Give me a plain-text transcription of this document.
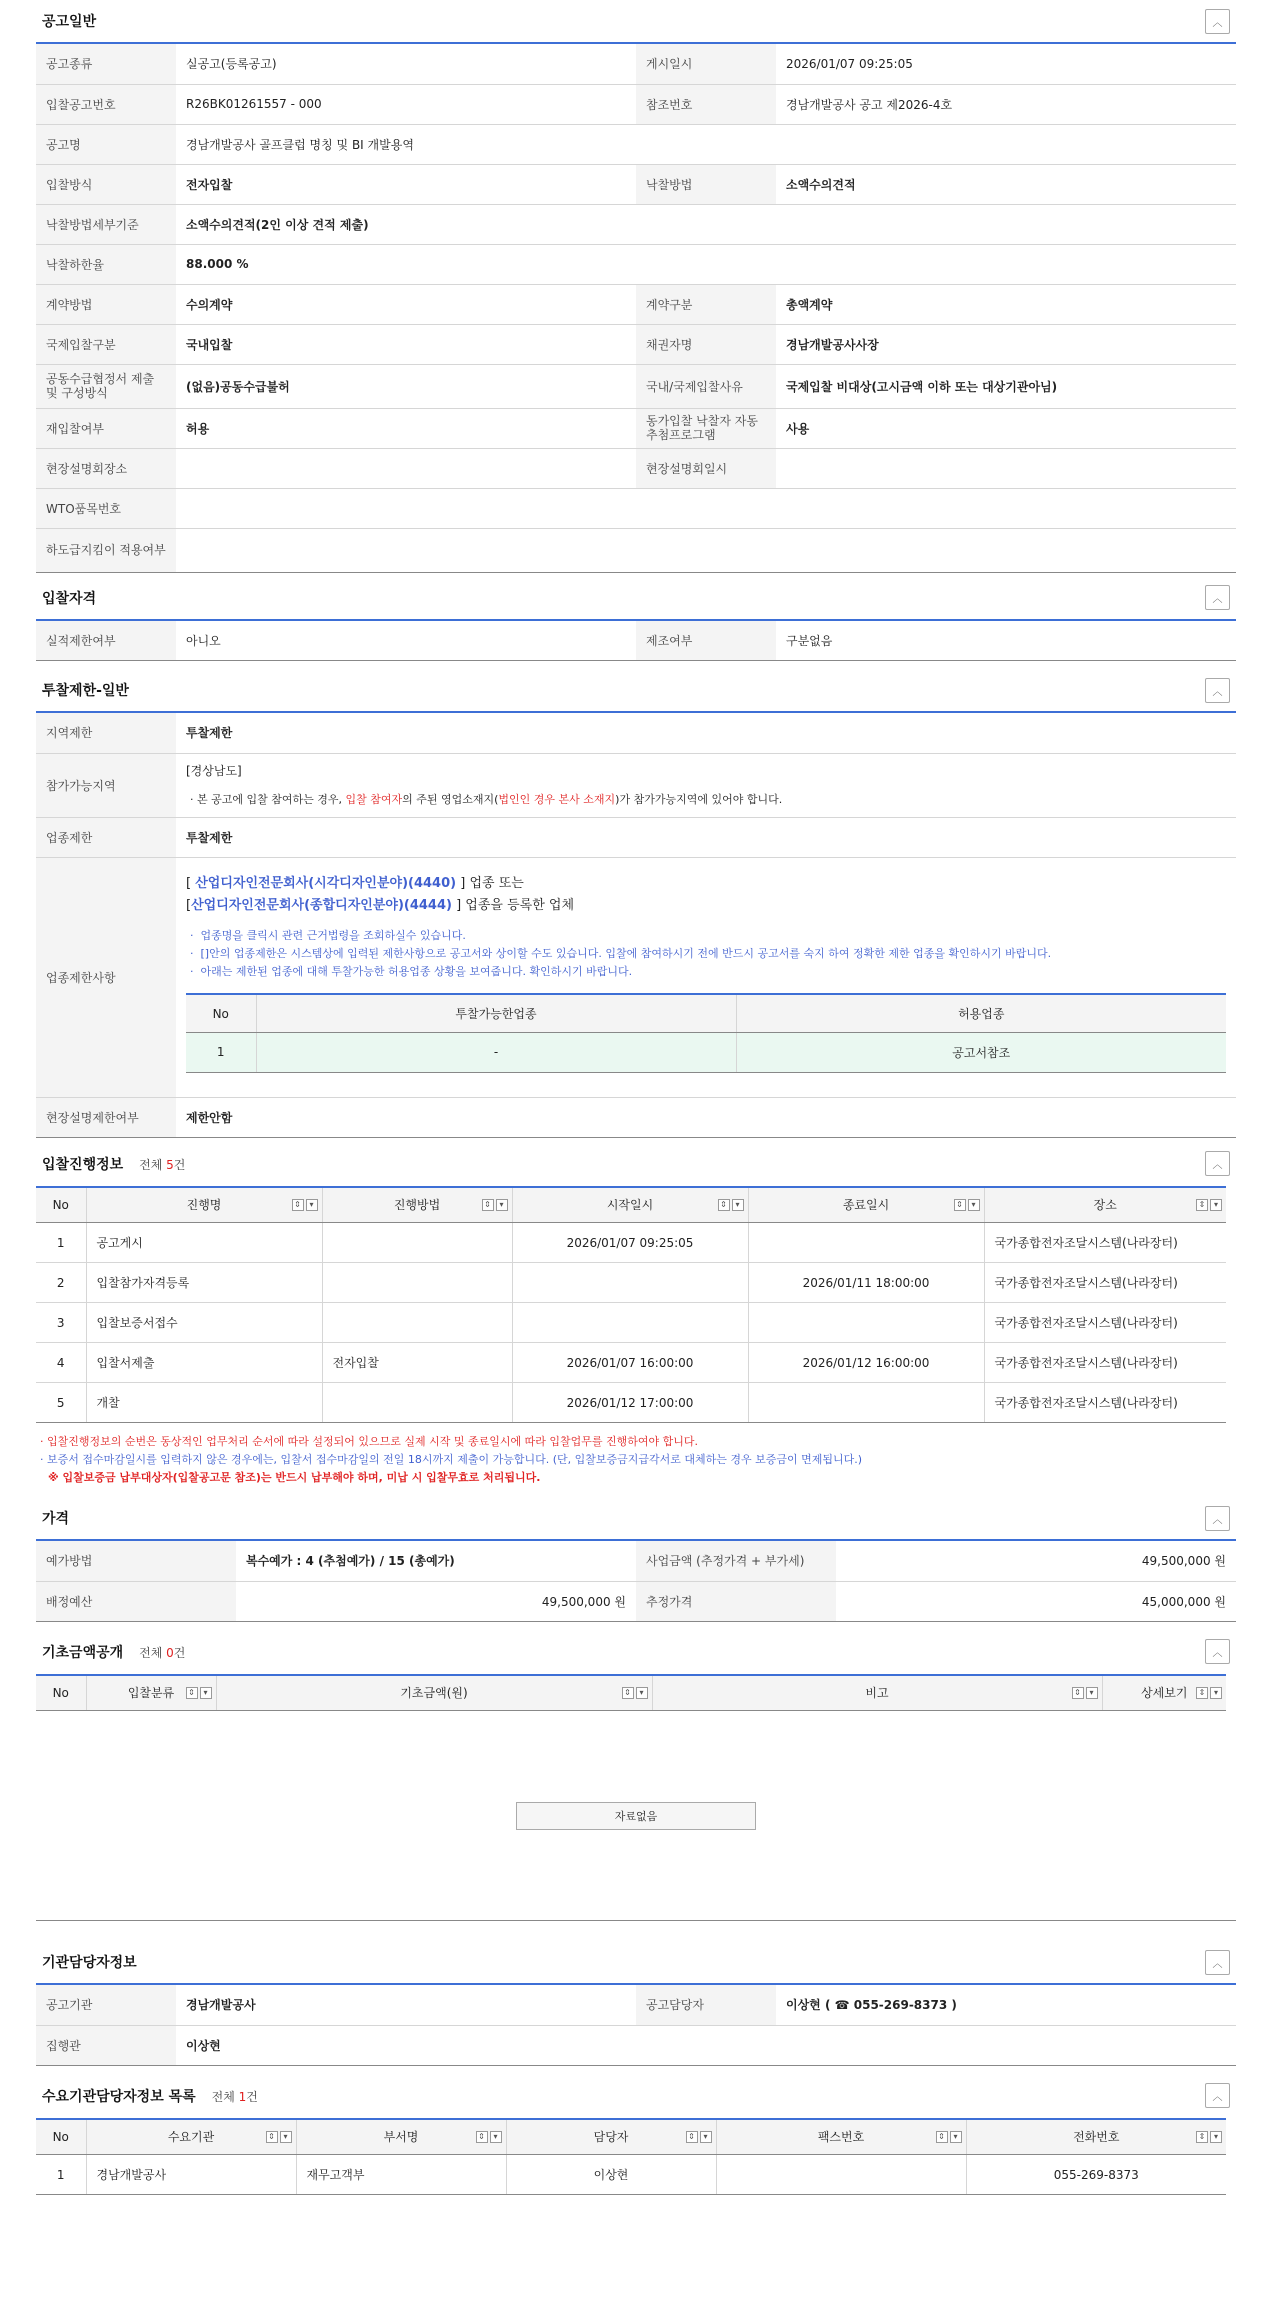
공고일반	︿
공고종류	실공고(등록공고)	게시일시	2026/01/07 09:25:05
입찰공고번호	R26BK01261557 - 000	참조번호	경남개발공사 공고 제2026-4호
공고명	경남개발공사 골프클럽 명칭 및 BI 개발용역		
입찰방식	전자입찰	낙찰방법	소액수의견적
낙찰방법세부기준	소액수의견적(2인 이상 견적 제출)		
낙찰하한율	88.000 %		
계약방법	수의계약	계약구분	총액계약
국제입찰구분	국내입찰	채권자명	경남개발공사사장
공동수급협정서 제출 및 구성방식	(없음)공동수급불허	국내/국제입찰사유	국제입찰 비대상(고시금액 이하 또는 대상기관아님)
재입찰여부	허용	동가입찰 낙찰자 자동추첨프로그램	사용
현장설명회장소		현장설명회일시	
WTO품목번호			
하도급지킴이 적용여부			
입찰자격	︿
실적제한여부	아니오	제조여부	구분없음
투찰제한-일반	︿
지역제한	투찰제한
참가가능지역	
[경상남도]
· 본 공고에 입찰 참여하는 경우, 입찰 참여자의 주된 영업소재지(법인인 경우 본사 소재지)가 참가가능지역에 있어야 합니다.

업종제한	투찰제한
업종제한사항	
[ 산업디자인전문회사(시각디자인분야)(4440) ] 업종 또는
[산업디자인전문회사(종합디자인분야)(4444) ] 업종을 등록한 업체
·  업종명을 클릭시 관련 근거법령을 조회하실수 있습니다.
·  []안의 업종제한은 시스템상에 입력된 제한사항으로 공고서와 상이할 수도 있습니다. 입찰에 참여하시기 전에 반드시 공고서를 숙지 하여 정확한 제한 업종을 확인하시기 바랍니다.
·  아래는 제한된 업종에 대해 투찰가능한 허용업종 상황을 보여줍니다. 확인하시기 바랍니다.
No	투찰가능한업종	허용업종
1	-	공고서참조

현장설명제한여부	제한안함
입찰진행정보 전체 5건	︿
No	진행명 ⇕ ▾	진행방법 ⇕ ▾	시작일시 ⇕ ▾	종료일시 ⇕ ▾	장소 ⇕ ▾

1	공고게시		2026/01/07 09:25:05		국가종합전자조달시스템(나라장터)
2	입찰참가자격등록			2026/01/11 18:00:00	국가종합전자조달시스템(나라장터)
3	입찰보증서접수				국가종합전자조달시스템(나라장터)
4	입찰서제출	전자입찰	2026/01/07 16:00:00	2026/01/12 16:00:00	국가종합전자조달시스템(나라장터)
5	개찰		2026/01/12 17:00:00		국가종합전자조달시스템(나라장터)
· 입찰진행정보의 순번은 동상적인 업무처리 순서에 따라 설정되어 있으므로 실제 시작 및 종료일시에 따라 입찰업무를 진행하여야 합니다.
· 보증서 접수마감일시를 입력하지 않은 경우에는, 입찰서 접수마감일의 전일 18시까지 제출이 가능합니다. (단, 입찰보증금지급각서로 대체하는 경우 보증금이 면제됩니다.)
※ 입찰보증금 납부대상자(입찰공고문 참조)는 반드시 납부해야 하며, 미납 시 입찰무효로 처리됩니다.
가격	︿
예가방법	복수예가 : 4 (추첨예가) / 15 (총예가)	사업금액 (추정가격 + 부가세)	49,500,000 원
배정예산	49,500,000 원	추정가격	45,000,000 원
기초금액공개 전체 0건	︿
No	입찰분류	⇕	▾	기초금액(원)	⇕	▾	비고	⇕	▾	상세보기	⇕	▾
자료없음
기관담당자정보	︿
공고기관	경남개발공사	공고담당자	이상현 ( ☎ 055-269-8373 )
집행관	이상현		
수요기관담당자정보 목록 전체 1건	︿
No	수요기관 ⇕ ▾	부서명 ⇕ ▾	담당자 ⇕ ▾	팩스번호 ⇕ ▾	전화번호 ⇕ ▾

1	경남개발공사	재무고객부	이상현		055-269-8373
